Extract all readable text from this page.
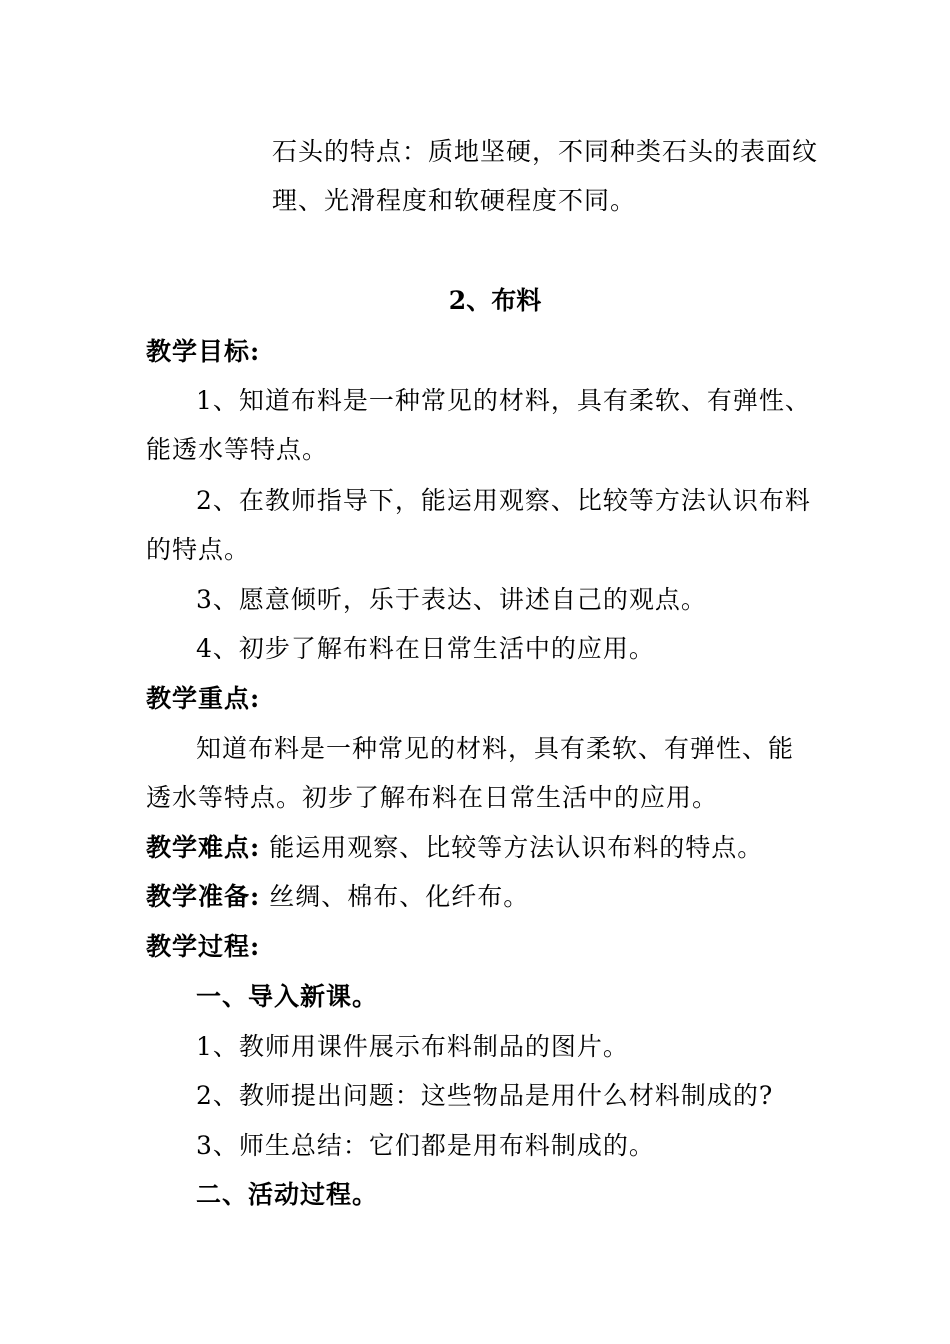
石头的特点：质地坚硬，不同种类石头的表面纹
理、光滑程度和软硬程度不同。
2、布料
教学目标:
1、知道布料是一种常见的材料，具有柔软、有弹性、
能透水等特点。
2、在教师指导下，能运用观察、比较等方法认识布料
的特点。
3、愿意倾听，乐于表达、讲述自己的观点。
4、初步了解布料在日常生活中的应用。
教学重点:
知道布料是一种常见的材料，具有柔软、有弹性、能
透水等特点。初步了解布料在日常生活中的应用。
教学难点: 能运用观察、比较等方法认识布料的特点。
教学准备: 丝绸、棉布、化纤布。
教学过程:
一、导入新课。
1、教师用课件展示布料制品的图片。
2、教师提出问题：这些物品是用什么材料制成的?
3、师生总结：它们都是用布料制成的。
二、活动过程。
